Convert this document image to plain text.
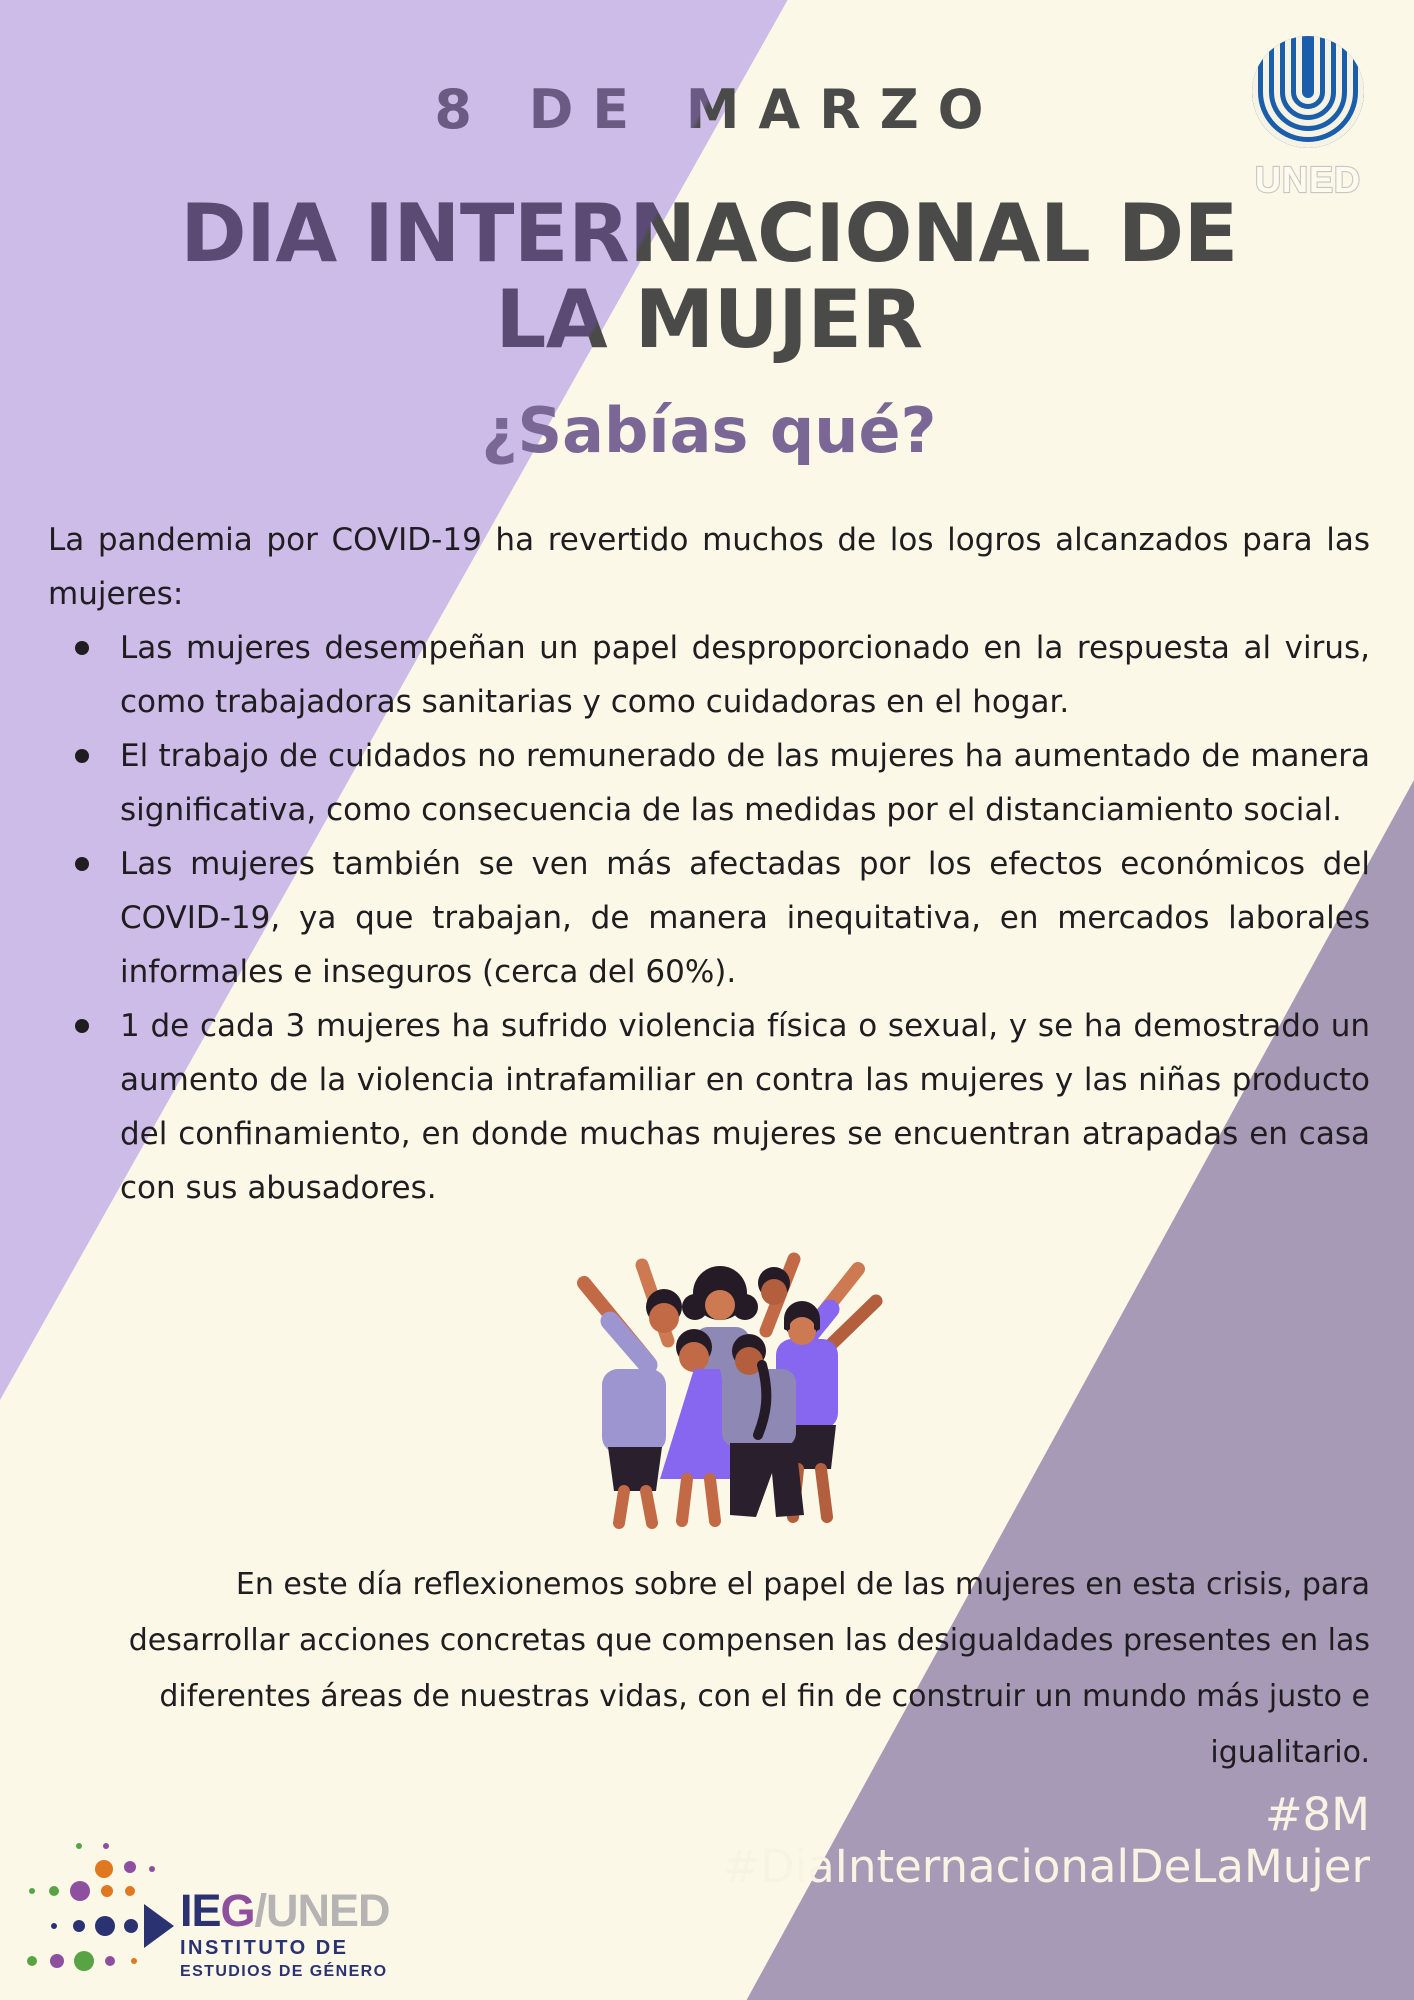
UNED
8 DE MARZO
DIA INTERNACIONAL DE LA MUJER
¿Sabías qué?

La pandemia por COVID-19 ha revertido muchos de los logros alcanzados para las mujeres:

Las mujeres desempeñan un papel desproporcionado en la respuesta al virus, como trabajadoras sanitarias y como cuidadoras en el hogar.
El trabajo de cuidados no remunerado de las mujeres ha aumentado de manera significativa, como consecuencia de las medidas por el distanciamiento social.
Las mujeres también se ven más afectadas por los efectos económicos del COVID-19, ya que trabajan, de manera inequitativa, en mercados laborales informales e inseguros (cerca del 60%).
1 de cada 3 mujeres ha sufrido violencia física o sexual, y se ha demostrado un aumento de la violencia intrafamiliar en contra las mujeres y las niñas producto del confinamiento, en donde muchas mujeres se encuentran atrapadas en casa con sus abusadores.

En este día reflexionemos sobre el papel de las mujeres en esta crisis, para desarrollar acciones concretas que compensen las desigualdades presentes en las diferentes áreas de nuestras vidas, con el fin de construir un mundo más justo e igualitario.

#8M
#DiaInternacionalDeLaMujer
IEG/UNED
INSTITUTO DE
ESTUDIOS DE GÉNERO
